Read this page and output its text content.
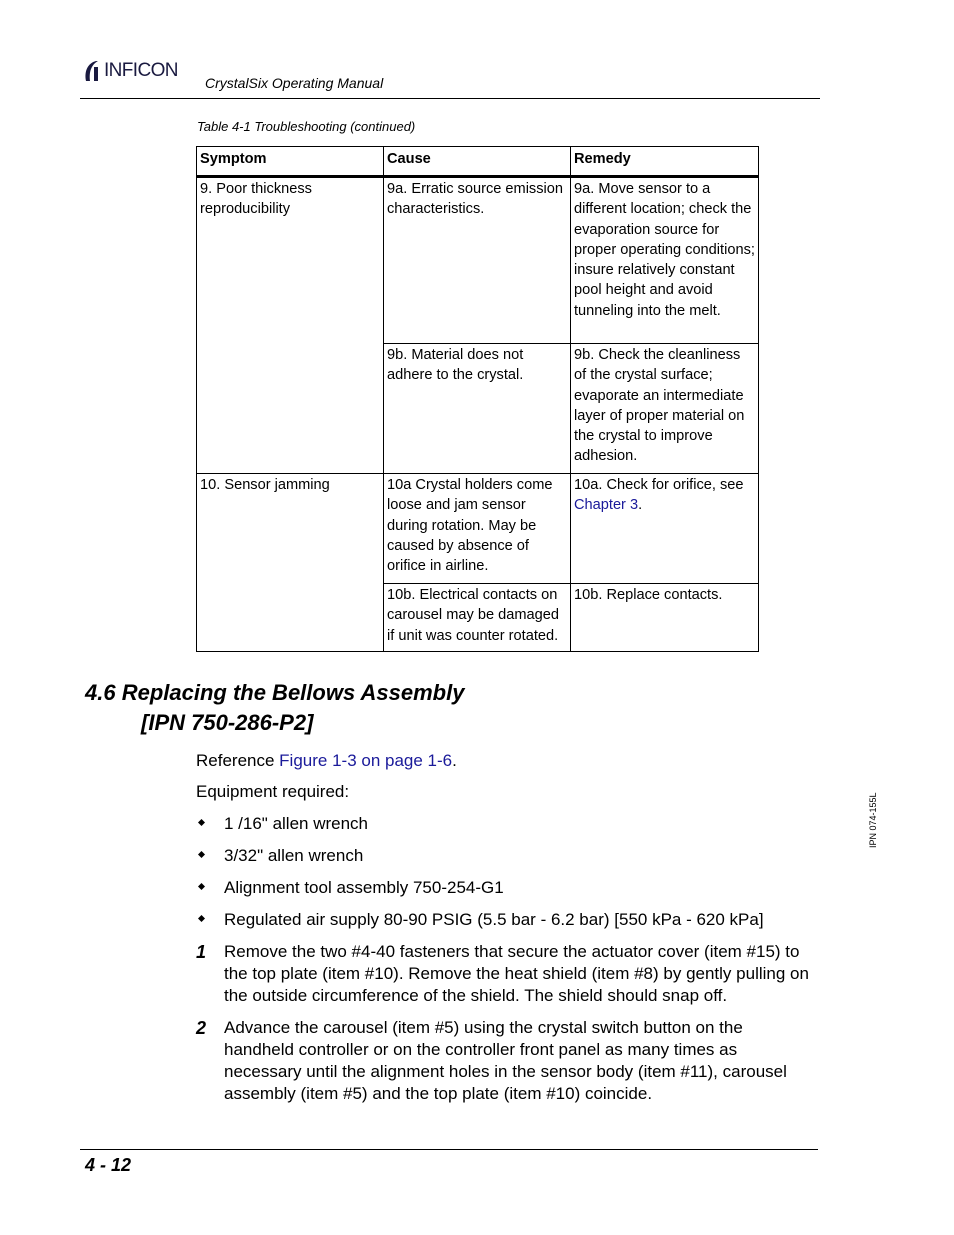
INFICON
CrystalSix Operating Manual
Table 4-1 Troubleshooting (continued)
Symptom	Cause	Remedy
9. Poor thickness reproducibility	9a. Erratic source emission characteristics.	9a. Move sensor to a different location; check the evaporation source for proper operating conditions; insure relatively constant pool height and avoid tunneling into the melt.
	9b. Material does not adhere to the crystal.	9b. Check the cleanliness of the crystal surface; evaporate an intermediate layer of proper material on the crystal to improve adhesion.
10. Sensor jamming	10a Crystal holders come loose and jam sensor during rotation. May be caused by absence of orifice in airline.	10a. Check for orifice, see Chapter 3.
	10b. Electrical contacts on carousel may be damaged if unit was counter rotated.	10b. Replace contacts.
4.6 Replacing the Bellows Assembly
[IPN 750-286-P2]
Reference Figure 1-3 on page 1-6.
Equipment required:
1 /16" allen wrench
3/32" allen wrench
Alignment tool assembly 750-254-G1
Regulated air supply 80-90 PSIG (5.5 bar - 6.2 bar) [550 kPa - 620 kPa]
1 Remove the two #4-40 fasteners that secure the actuator cover (item #15) to the top plate (item #10). Remove the heat shield (item #8) by gently pulling on the outside circumference of the shield. The shield should snap off.
2 Advance the carousel (item #5) using the crystal switch button on the handheld controller or on the controller front panel as many times as necessary until the alignment holes in the sensor body (item #11), carousel assembly (item #5) and the top plate (item #10) coincide.
IPN 074-155L
4 - 12
